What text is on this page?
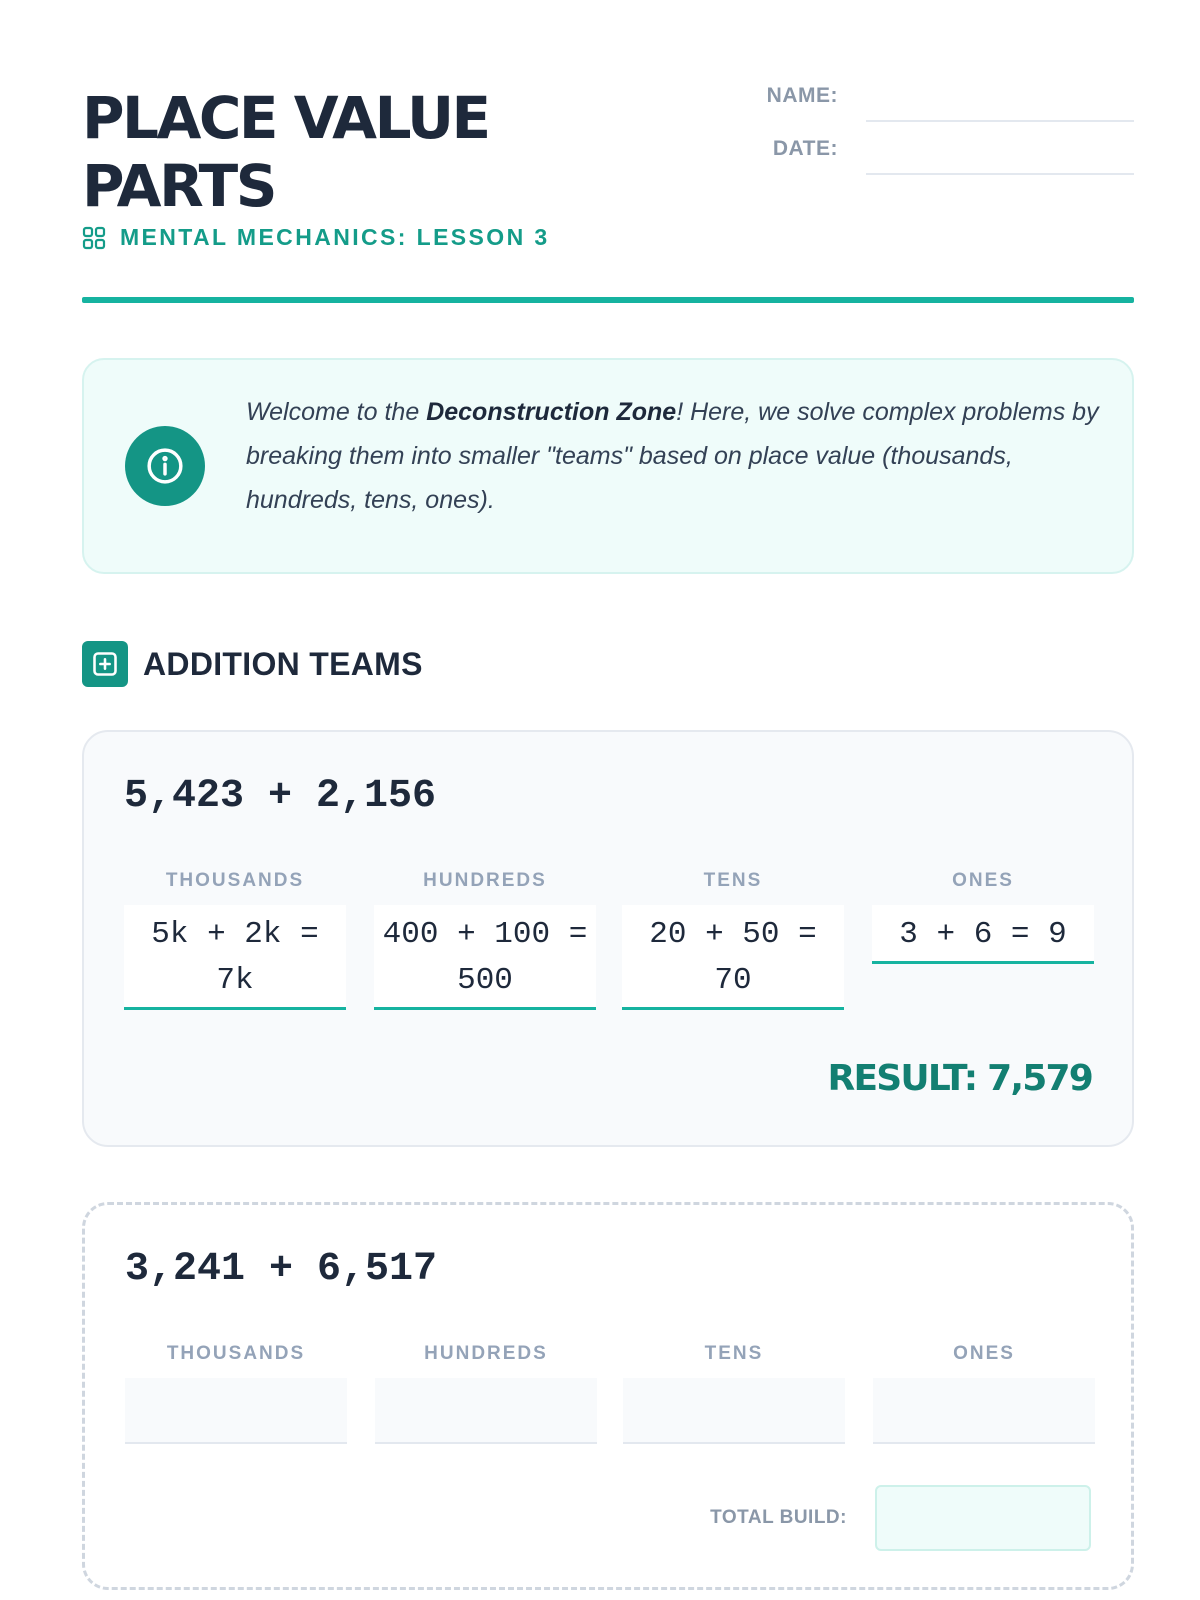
PLACE VALUE
PARTS
MENTAL MECHANICS: LESSON 3
NAME:
DATE:

Welcome to the Deconstruction Zone! Here, we solve complex problems by breaking them into smaller "teams" based on place value (thousands, hundreds, tens, ones).

ADDITION TEAMS
5,423 + 2,156
THOUSANDS
5k + 2k = 7k
HUNDREDS
400 + 100 = 500
TENS
20 + 50 = 70
ONES
3 + 6 = 9
RESULT: 7,579
3,241 + 6,517
THOUSANDS	HUNDREDS	TENS	ONES
TOTAL BUILD:
